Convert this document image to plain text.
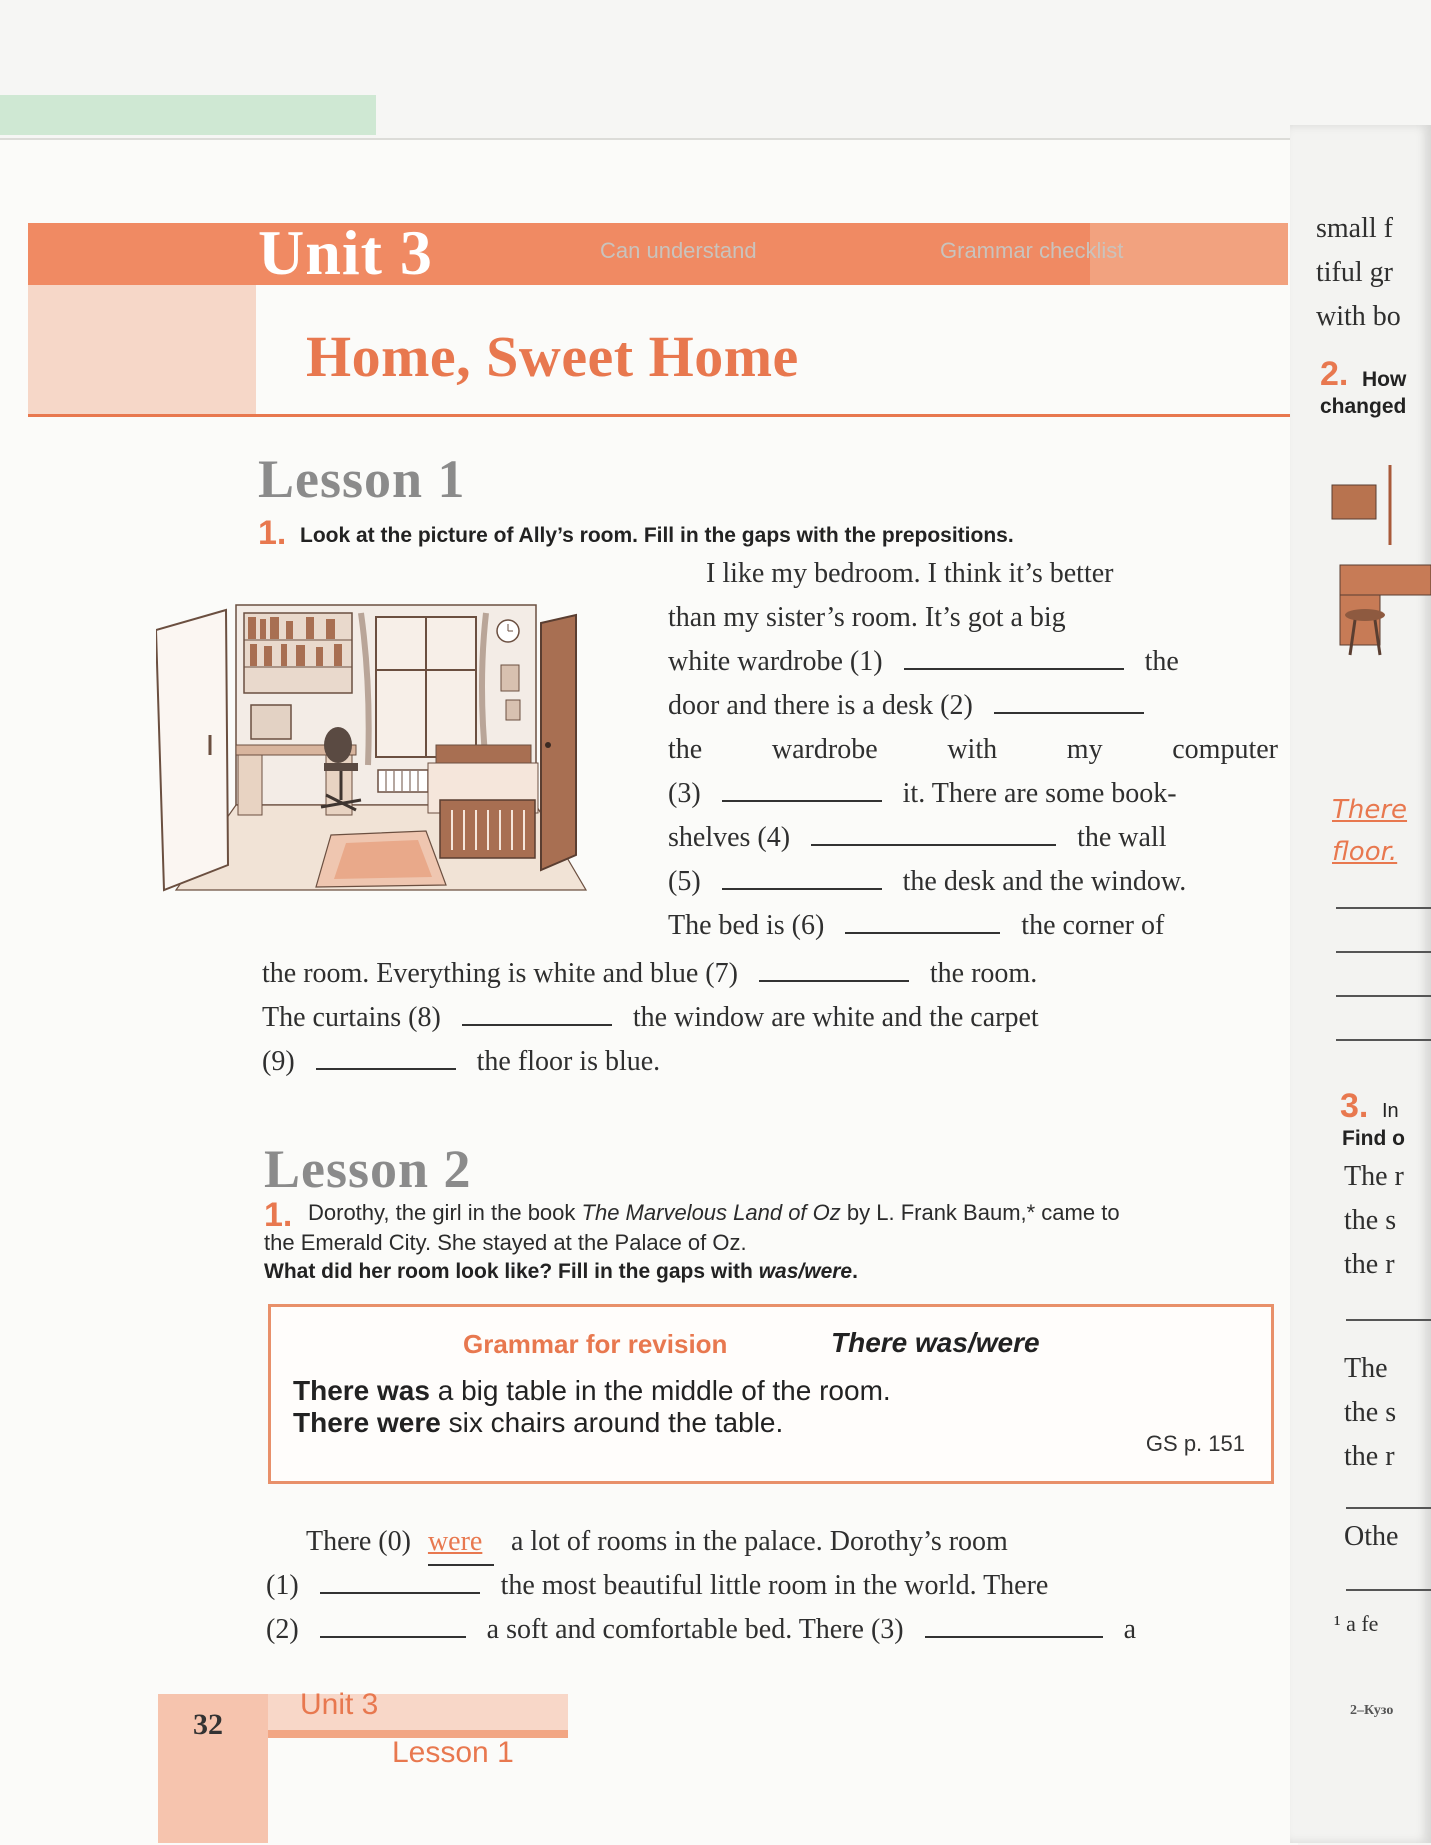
Can understand	Grammar checklist
Unit 3
Home, Sweet Home
Lesson 1
1. Look at the picture of Ally’s room. Fill in the gaps with the prepositions.
I like my bedroom. I think it’s better
than my sister’s room. It’s got a big
white wardrobe (1)	the
door and there is a desk (2)
the wardrobe with my computer
(3)	it. There are some book-
shelves (4)	the wall
(5)	the desk and the window.
The bed is (6)	the corner of
the room. Everything is white and blue (7)	the room.
The curtains (8)	the window are white and the carpet
(9)	the floor is blue.
Lesson 2
1. Dorothy, the girl in the book The Marvelous Land of Oz by L. Frank Baum,* came to
the Emerald City. She stayed at the Palace of Oz.
What did her room look like? Fill in the gaps with was/were.
Grammar for revision	There was/were
There was a big table in the middle of the room.
There were six chairs around the table.
GS p. 151
There (0) were a lot of rooms in the palace. Dorothy’s room
(1)	the most beautiful little room in the world. There
(2)	a soft and comfortable bed. There (3)	a
32
Unit 3
Lesson 1
small f
tiful gr
with bo
2. How
changed
There
floor.
3. In
Find o
The r
the s
the r
The
the s
the r
Othe
¹ a fe
2–Кузо
